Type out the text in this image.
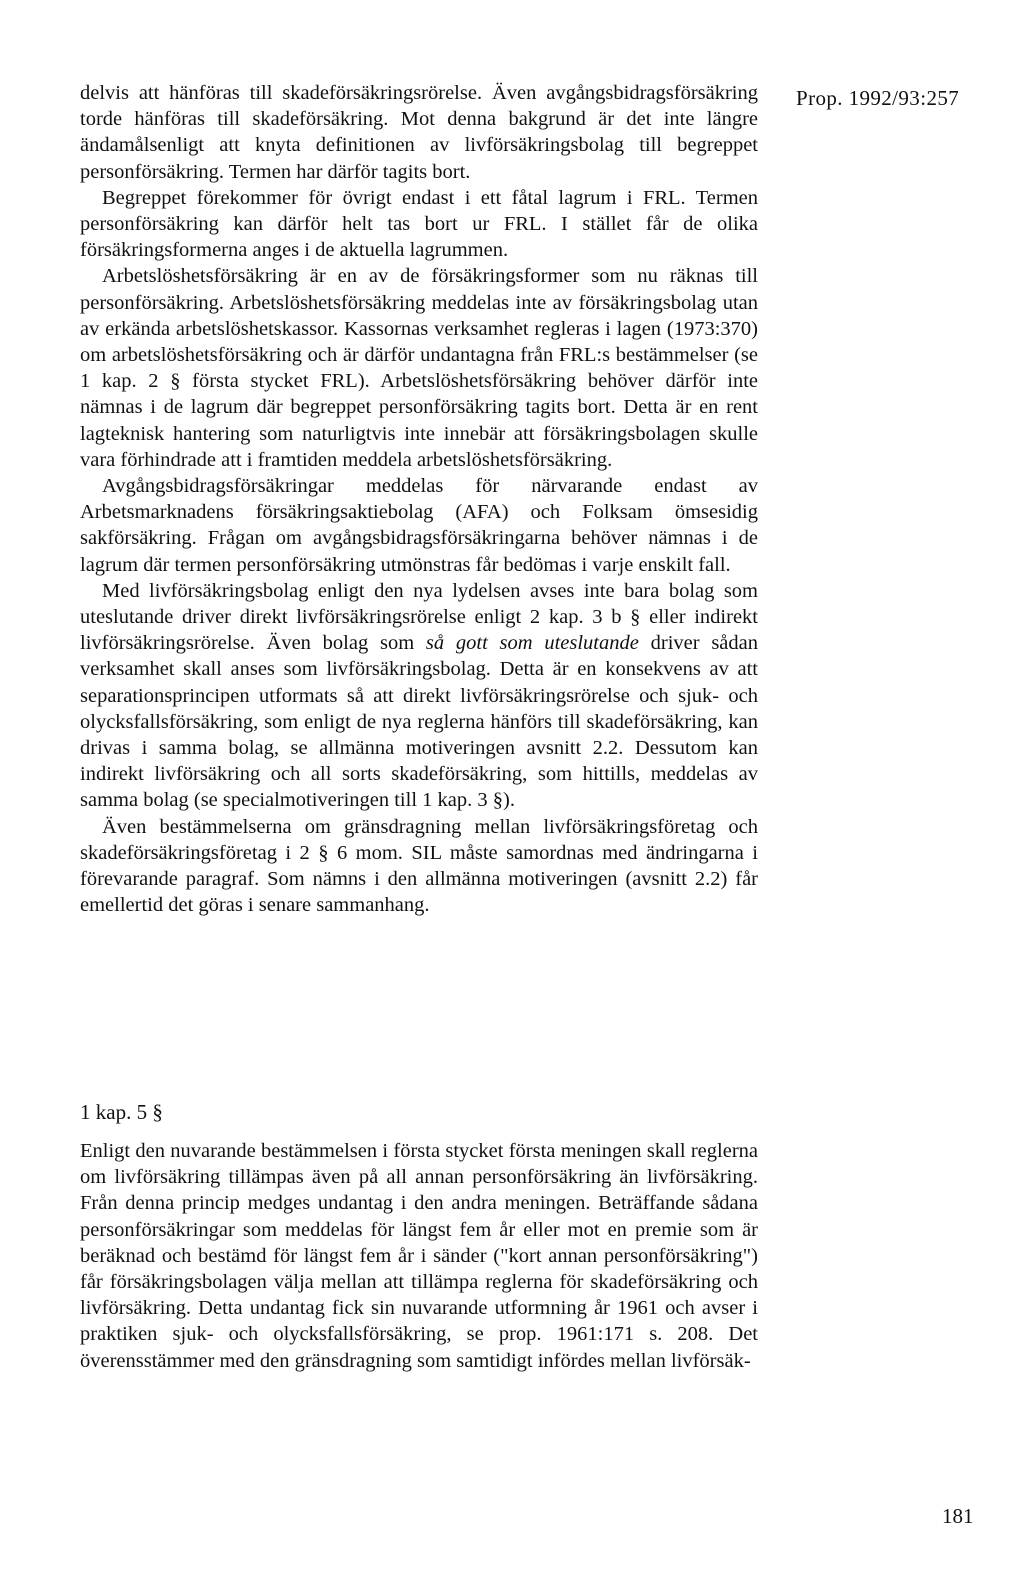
Prop. 1992/93:257

delvis att hänföras till skadeförsäkringsrörelse. Även avgångsbidragsförsäkring torde hänföras till skadeförsäkring. Mot denna bakgrund är det inte längre ändamålsenligt att knyta definitionen av livförsäkringsbolag till begreppet personförsäkring. Termen har därför tagits bort.

Begreppet förekommer för övrigt endast i ett fåtal lagrum i FRL. Termen personförsäkring kan därför helt tas bort ur FRL. I stället får de olika försäkringsformerna anges i de aktuella lagrummen.

Arbetslöshetsförsäkring är en av de försäkringsformer som nu räknas till personförsäkring. Arbetslöshetsförsäkring meddelas inte av försäkringsbolag utan av erkända arbetslöshetskassor. Kassornas verksamhet regleras i lagen (1973:370) om arbetslöshetsförsäkring och är därför undantagna från FRL:s bestämmelser (se 1 kap. 2 § första stycket FRL). Arbetslöshetsförsäkring behöver därför inte nämnas i de lagrum där begreppet personförsäkring tagits bort. Detta är en rent lagteknisk hantering som naturligtvis inte innebär att försäkringsbolagen skulle vara förhindrade att i framtiden meddela arbetslöshetsförsäkring.

Avgångsbidragsförsäkringar meddelas för närvarande endast av Arbetsmarknadens försäkringsaktiebolag (AFA) och Folksam ömsesidig sakförsäkring. Frågan om avgångsbidragsförsäkringarna behöver nämnas i de lagrum där termen personförsäkring utmönstras får bedömas i varje enskilt fall.

Med livförsäkringsbolag enligt den nya lydelsen avses inte bara bolag som uteslutande driver direkt livförsäkringsrörelse enligt 2 kap. 3 b § eller indirekt livförsäkringsrörelse. Även bolag som så gott som uteslutande driver sådan verksamhet skall anses som livförsäkringsbolag. Detta är en konsekvens av att separationsprincipen utformats så att direkt livförsäkringsrörelse och sjuk- och olycksfallsförsäkring, som enligt de nya reglerna hänförs till skadeförsäkring, kan drivas i samma bolag, se allmänna motiveringen avsnitt 2.2. Dessutom kan indirekt livförsäkring och all sorts skadeförsäkring, som hittills, meddelas av samma bolag (se specialmotiveringen till 1 kap. 3 §).

Även bestämmelserna om gränsdragning mellan livförsäkringsföretag och skadeförsäkringsföretag i 2 § 6 mom. SIL måste samordnas med ändringarna i förevarande paragraf. Som nämns i den allmänna motiveringen (avsnitt 2.2) får emellertid det göras i senare sammanhang.

1 kap. 5 §

Enligt den nuvarande bestämmelsen i första stycket första meningen skall reglerna om livförsäkring tillämpas även på all annan personförsäkring än livförsäkring. Från denna princip medges undantag i den andra meningen. Beträffande sådana personförsäkringar som meddelas för längst fem år eller mot en premie som är beräknad och bestämd för längst fem år i sänder ("kort annan personförsäkring") får försäkringsbolagen välja mellan att tillämpa reglerna för skadeförsäkring och livförsäkring. Detta undantag fick sin nuvarande utformning år 1961 och avser i praktiken sjuk- och olycksfallsförsäkring, se prop. 1961:171 s. 208. Det överensstämmer med den gränsdragning som samtidigt infördes mellan livförsäk-

181
